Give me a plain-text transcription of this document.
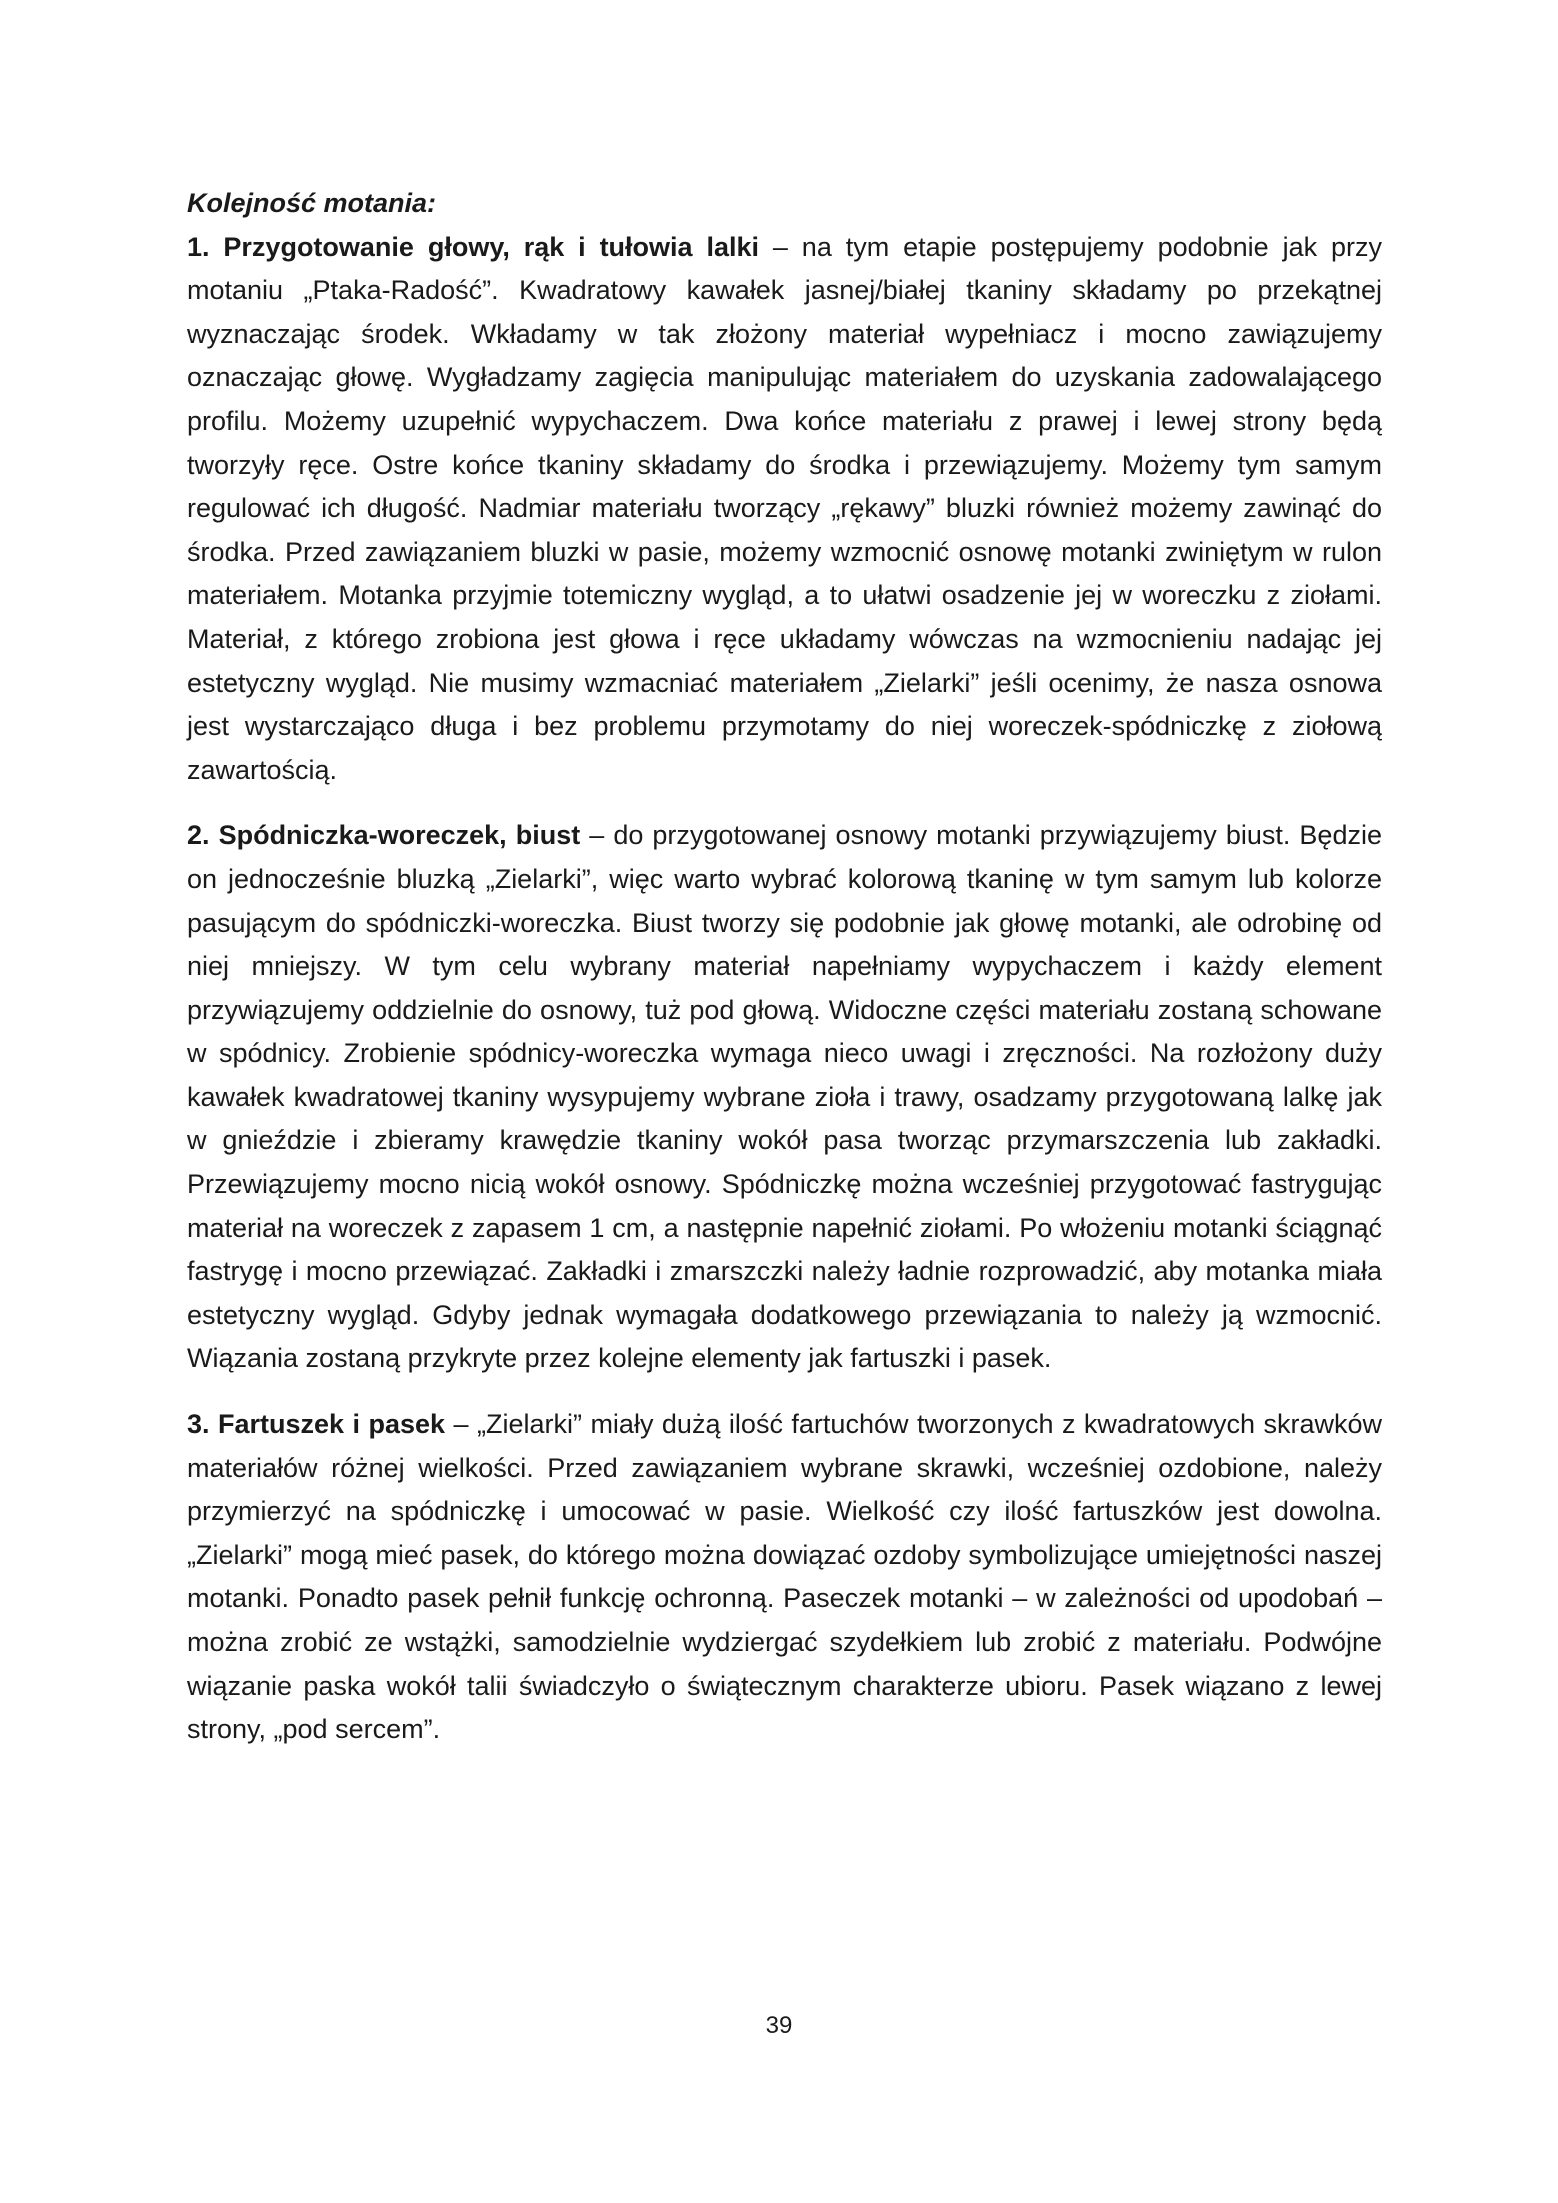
Kolejność motania:

1. Przygotowanie głowy, rąk i tułowia lalki – na tym etapie postępujemy podobnie jak przy motaniu „Ptaka-Radość”. Kwadratowy kawałek jasnej/białej tkaniny składamy po przekątnej wyznaczając środek. Wkładamy w tak złożony materiał wypełniacz i mocno zawiązujemy oznaczając głowę. Wygładzamy zagięcia manipulując materiałem do uzyskania zadowalającego profilu. Możemy uzupełnić wypychaczem. Dwa końce materiału z prawej i lewej strony będą tworzyły ręce. Ostre końce tkaniny składamy do środka i przewiązujemy. Możemy tym samym regulować ich długość. Nadmiar materiału tworzący „rękawy” bluzki również możemy zawinąć do środka. Przed zawiązaniem bluzki w pasie, możemy wzmocnić osnowę motanki zwiniętym w rulon materiałem. Motanka przyjmie totemiczny wygląd, a to ułatwi osadzenie jej w woreczku z ziołami. Materiał, z którego zrobiona jest głowa i ręce układamy wówczas na wzmocnieniu nadając jej estetyczny wygląd. Nie musimy wzmacniać materiałem „Zielarki” jeśli ocenimy, że nasza osnowa jest wystarczająco długa i bez problemu przymotamy do niej woreczek-spódniczkę z ziołową zawartością.

2. Spódniczka-woreczek, biust – do przygotowanej osnowy motanki przywiązujemy biust. Będzie on jednocześnie bluzką „Zielarki”, więc warto wybrać kolorową tkaninę w tym samym lub kolorze pasującym do spódniczki-woreczka. Biust tworzy się podobnie jak głowę motanki, ale odrobinę od niej mniejszy. W tym celu wybrany materiał napełniamy wypychaczem i każdy element przywiązujemy oddzielnie do osnowy, tuż pod głową. Widoczne części materiału zostaną schowane w spódnicy. Zrobienie spódnicy-woreczka wymaga nieco uwagi i zręczności. Na rozłożony duży kawałek kwadratowej tkaniny wysypujemy wybrane zioła i trawy, osadzamy przygotowaną lalkę jak w gnieździe i zbieramy krawędzie tkaniny wokół pasa tworząc przymarszczenia lub zakładki. Przewiązujemy mocno nicią wokół osnowy. Spódniczkę można wcześniej przygotować fastrygując materiał na woreczek z zapasem 1 cm, a następnie napełnić ziołami. Po włożeniu motanki ściągnąć fastrygę i mocno przewiązać. Zakładki i zmarszczki należy ładnie rozprowadzić, aby motanka miała estetyczny wygląd. Gdyby jednak wymagała dodatkowego przewiązania to należy ją wzmocnić. Wiązania zostaną przykryte przez kolejne elementy jak fartuszki i pasek.

3. Fartuszek i pasek – „Zielarki” miały dużą ilość fartuchów tworzonych z kwadratowych skrawków materiałów różnej wielkości. Przed zawiązaniem wybrane skrawki, wcześniej ozdobione, należy przymierzyć na spódniczkę i umocować w pasie. Wielkość czy ilość fartuszków jest dowolna. „Zielarki” mogą mieć pasek, do którego można dowiązać ozdoby symbolizujące umiejętności naszej motanki. Ponadto pasek pełnił funkcję ochronną. Paseczek motanki – w zależności od upodobań – można zrobić ze wstążki, samodzielnie wydziergać szydełkiem lub zrobić z materiału. Podwójne wiązanie paska wokół talii świadczyło o świątecznym charakterze ubioru. Pasek wiązano z lewej strony, „pod sercem”.

39
